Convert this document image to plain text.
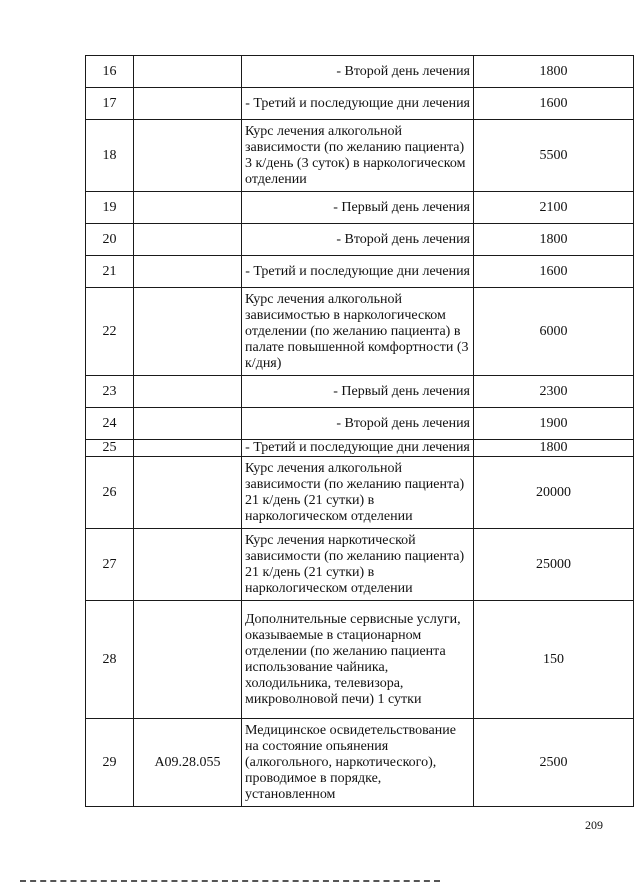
16		- Второй день лечения	1800
17		- Третий и последующие дни лечения	1600
18		Курс лечения алкогольной зависимости (по желанию пациента) 3 к/день (3 суток) в наркологическом отделении	5500
19		- Первый день лечения	2100
20		- Второй день лечения	1800
21		- Третий и последующие дни лечения	1600
22		Курс лечения алкогольной зависимостью в наркологическом отделении (по желанию пациента) в палате повышенной комфортности (3 к/дня)	6000
23		- Первый день лечения	2300
24		- Второй день лечения	1900
25		- Третий и последующие дни лечения	1800
26		Курс лечения алкогольной зависимости (по желанию пациента) 21 к/день (21 сутки) в наркологическом отделении	20000
27		Курс лечения наркотической зависимости (по желанию пациента) 21 к/день (21 сутки) в наркологическом отделении	25000
28		Дополнительные сервисные услуги, оказываемые в стационарном отделении (по желанию пациента использование чайника, холодильника, телевизора, микроволновой печи) 1 сутки	150
29	A09.28.055	Медицинское освидетельствование на состояние опьянения (алкогольного, наркотического), проводимое в порядке, установленном	2500
209
